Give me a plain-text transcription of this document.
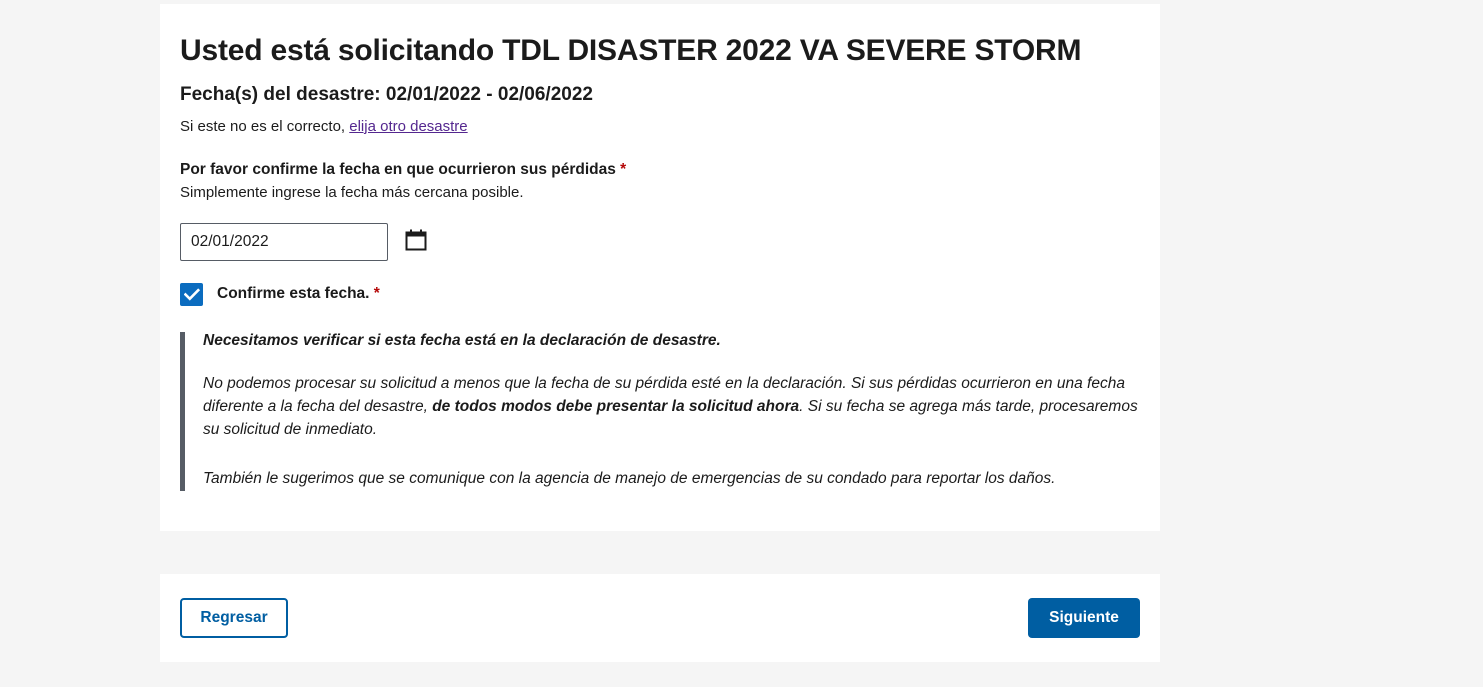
Usted está solicitando TDL DISASTER 2022 VA SEVERE STORM
Fecha(s) del desastre: 02/01/2022 - 02/06/2022

Si este no es el correcto, elija otro desastre

Por favor confirme la fecha en que ocurrieron sus pérdidas *

Simplemente ingrese la fecha más cercana posible.

02/01/2022
Confirme esta fecha. *

Necesitamos verificar si esta fecha está en la declaración de desastre.

No podemos procesar su solicitud a menos que la fecha de su pérdida esté en la declaración. Si sus pérdidas ocurrieron en una fecha diferente a la fecha del desastre, de todos modos debe presentar la solicitud ahora. Si su fecha se agrega más tarde, procesaremos su solicitud de inmediato.

También le sugerimos que se comunique con la agencia de manejo de emergencias de su condado para reportar los daños.

Regresar	Siguiente
